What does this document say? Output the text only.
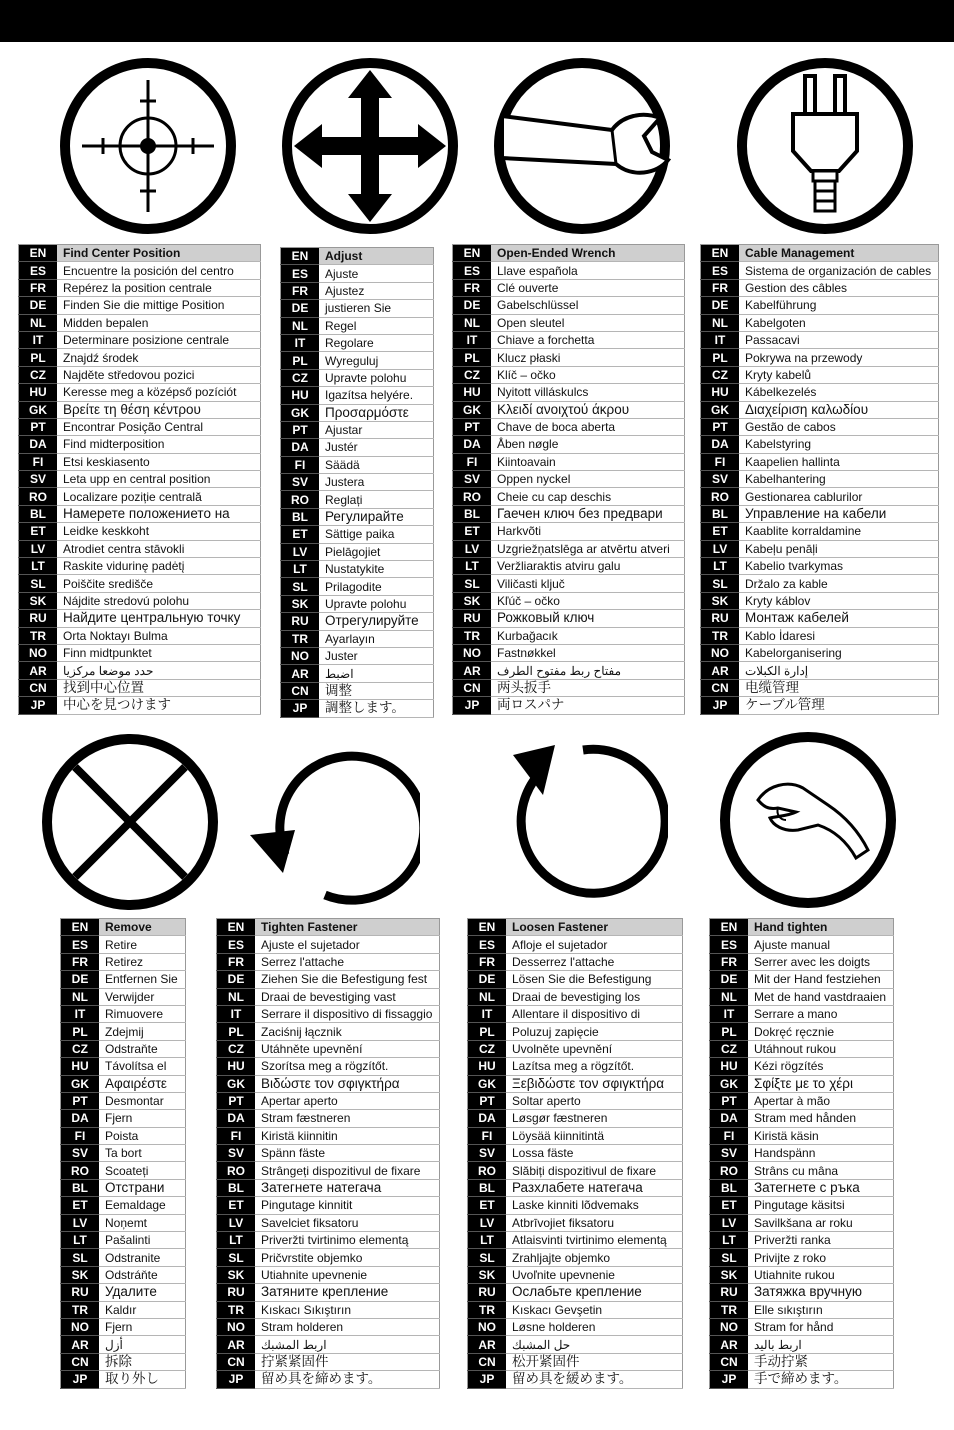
EN	Find Center Position
ES	Encuentre la posición del centro
FR	Repérez la position centrale
DE	Finden Sie die mittige Position
NL	Midden bepalen
IT	Determinare posizione centrale
PL	Znajdź środek
CZ	Najděte středovou pozici
HU	Keresse meg a középső pozíciót
GK	Βρείτε τη θέση κέντρου
PT	Encontrar Posição Central
DA	Find midterposition
FI	Etsi keskiasento
SV	Leta upp en central position
RO	Localizare poziție centrală
BL	Намерете положението на
ET	Leidke keskkoht
LV	Atrodiet centra stāvokli
LT	Raskite vidurinę padėtį
SL	Poiščite središče
SK	Nájdite stredovú polohu
RU	Найдите центральную точку
TR	Orta Noktayı Bulma
NO	Finn midtpunktet
AR	حدد موضعا مركزيا
CN	找到中心位置
JP	中心を見つけます
EN	Adjust
ES	Ajuste
FR	Ajustez
DE	justieren Sie
NL	Regel
IT	Regolare
PL	Wyreguluj
CZ	Upravte polohu
HU	Igazítsa helyére.
GK	Προσαρμόστε
PT	Ajustar
DA	Justér
FI	Säädä
SV	Justera
RO	Reglați
BL	Регулирайте
ET	Sättige paika
LV	Pielāgojiet
LT	Nustatykite
SL	Prilagodite
SK	Upravte polohu
RU	Отрегулируйте
TR	Ayarlayın
NO	Juster
AR	اضبط
CN	调整
JP	調整します。
EN	Open-Ended Wrench
ES	Llave española
FR	Clé ouverte
DE	Gabelschlüssel
NL	Open sleutel
IT	Chiave a forchetta
PL	Klucz płaski
CZ	Klíč – očko
HU	Nyitott villáskulcs
GK	Κλειδί ανοιχτού άκρου
PT	Chave de boca aberta
DA	Åben nøgle
FI	Kiintoavain
SV	Oppen nyckel
RO	Cheie cu cap deschis
BL	Гаечен ключ без предвари
ET	Harkvõti
LV	Uzgriežņatslēga ar atvērtu atveri
LT	Veržliaraktis atviru galu
SL	Viličasti ključ
SK	Kľúč – očko
RU	Рожковый ключ
TR	Kurbağacık
NO	Fastnøkkel
AR	مفتاح ربط مفتوح الطرف
CN	两头扳手
JP	両ロスパナ
EN	Cable Management
ES	Sistema de organización de cables
FR	Gestion des câbles
DE	Kabelführung
NL	Kabelgoten
IT	Passacavi
PL	Pokrywa na przewody
CZ	Kryty kabelů
HU	Kábelkezelés
GK	Διαχείριση καλωδίου
PT	Gestão de cabos
DA	Kabelstyring
FI	Kaapelien hallinta
SV	Kabelhantering
RO	Gestionarea cablurilor
BL	Управление на кабели
ET	Kaablite korraldamine
LV	Kabeļu penāļi
LT	Kabelio tvarkymas
SL	Držalo za kable
SK	Kryty káblov
RU	Монтаж кабелей
TR	Kablo İdaresi
NO	Kabelorganisering
AR	إدارة الكبلات
CN	电缆管理
JP	ケーブル管理
EN	Remove
ES	Retire
FR	Retirez
DE	Entfernen Sie
NL	Verwijder
IT	Rimuovere
PL	Zdejmij
CZ	Odstraňte
HU	Távolítsa el
GK	Αφαιρέστε
PT	Desmontar
DA	Fjern
FI	Poista
SV	Ta bort
RO	Scoateți
BL	Отстрани
ET	Eemaldage
LV	Noņemt
LT	Pašalinti
SL	Odstranite
SK	Odstráňte
RU	Удалите
TR	Kaldır
NO	Fjern
AR	أزل
CN	拆除
JP	取り外し
EN	Tighten Fastener
ES	Ajuste el sujetador
FR	Serrez l'attache
DE	Ziehen Sie die Befestigung fest
NL	Draai de bevestiging vast
IT	Serrare il dispositivo di fissaggio
PL	Zaciśnij łącznik
CZ	Utáhněte upevnění
HU	Szorítsa meg a rögzítőt.
GK	Βιδώστε τον σφιγκτήρα
PT	Apertar aperto
DA	Stram fæstneren
FI	Kiristä kiinnitin
SV	Spänn fäste
RO	Strângeți dispozitivul de fixare
BL	Затегнете натегача
ET	Pingutage kinnitit
LV	Savelciet fiksatoru
LT	Priveržti tvirtinimo elementą
SL	Pričvrstite objemko
SK	Utiahnite upevnenie
RU	Затяните крепление
TR	Kıskacı Sıkıştırın
NO	Stram holderen
AR	اربط المشبك
CN	拧紧紧固件
JP	留め具を締めます。
EN	Loosen Fastener
ES	Afloje el sujetador
FR	Desserrez l'attache
DE	Lösen Sie die Befestigung
NL	Draai de bevestiging los
IT	Allentare il dispositivo di
PL	Poluzuj zapięcie
CZ	Uvolněte upevnění
HU	Lazítsa meg a rögzítőt.
GK	Ξεβιδώστε τον σφιγκτήρα
PT	Soltar aperto
DA	Løsgør fæstneren
FI	Löysää kiinnitintä
SV	Lossa fäste
RO	Slăbiți dispozitivul de fixare
BL	Разхлабете натегача
ET	Laske kinniti lõdvemaks
LV	Atbrīvojiet fiksatoru
LT	Atlaisvinti tvirtinimo elementą
SL	Zrahljajte objemko
SK	Uvoľnite upevnenie
RU	Ослабьте крепление
TR	Kıskacı Gevşetin
NO	Løsne holderen
AR	حل المشبك
CN	松开紧固件
JP	留め具を緩めます。
EN	Hand tighten
ES	Ajuste manual
FR	Serrer avec les doigts
DE	Mit der Hand festziehen
NL	Met de hand vastdraaien
IT	Serrare a mano
PL	Dokręć ręcznie
CZ	Utáhnout rukou
HU	Kézi rögzítés
GK	Σφίξτε με το χέρι
PT	Apertar à mão
DA	Stram med hånden
FI	Kiristä käsin
SV	Handspänn
RO	Strâns cu mâna
BL	Затегнете с ръка
ET	Pingutage käsitsi
LV	Savilkšana ar roku
LT	Priveržti ranka
SL	Privijte z roko
SK	Utiahnite rukou
RU	Затяжка вручную
TR	Elle sıkıştırın
NO	Stram for hånd
AR	اربط باليد
CN	手动拧紧
JP	手で締めます。
